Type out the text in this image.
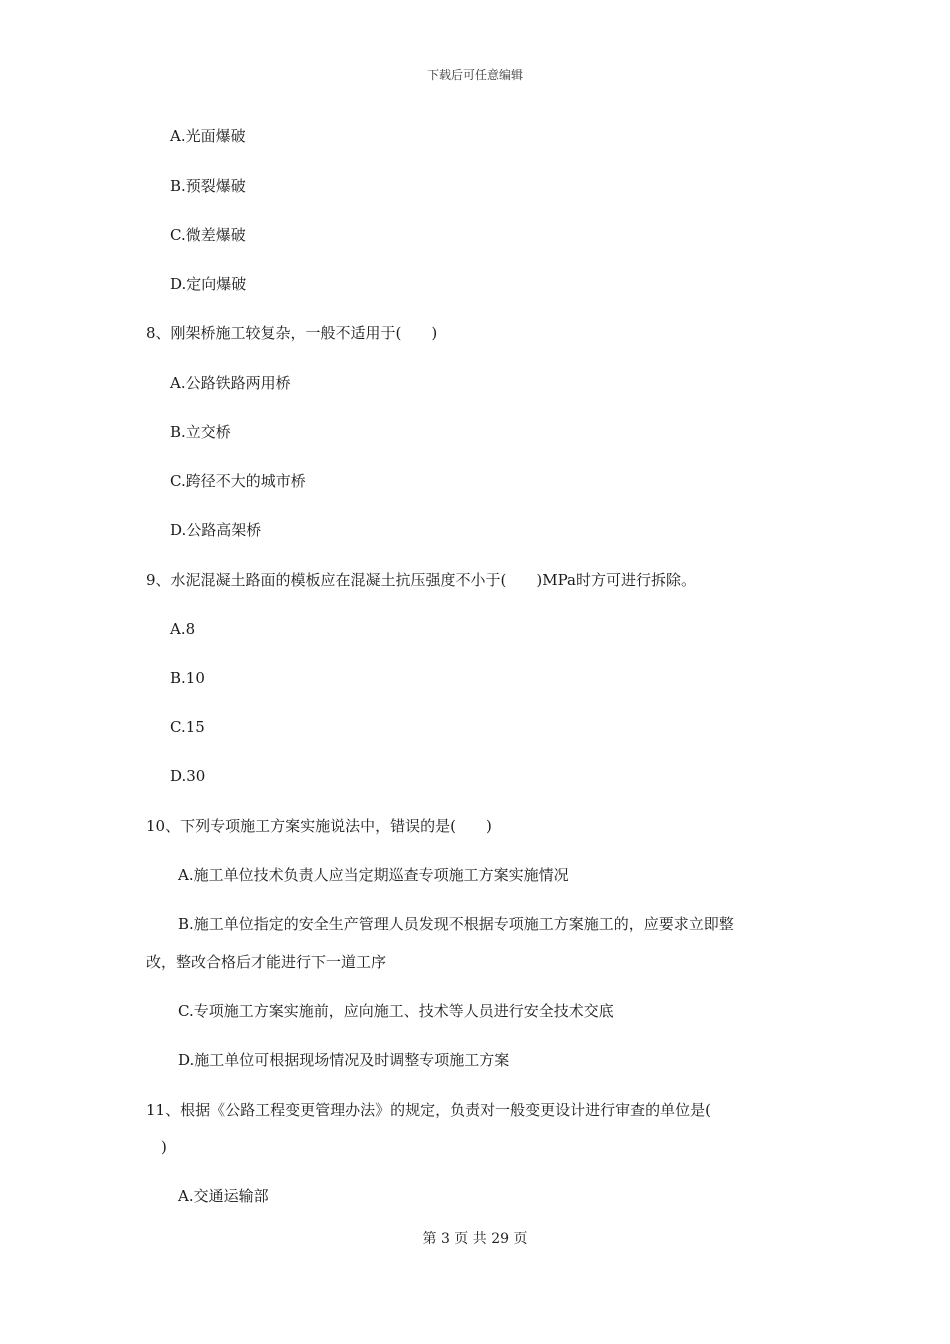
下载后可任意编辑
A.光面爆破
B.预裂爆破
C.微差爆破
D.定向爆破
8、刚架桥施工较复杂，一般不适用于(　　)
A.公路铁路两用桥
B.立交桥
C.跨径不大的城市桥
D.公路高架桥
9、水泥混凝土路面的模板应在混凝土抗压强度不小于(　　)MPa时方可进行拆除。
A.8
B.10
C.15
D.30
10、下列专项施工方案实施说法中，错误的是(　　)
A.施工单位技术负责人应当定期巡查专项施工方案实施情况
B.施工单位指定的安全生产管理人员发现不根据专项施工方案施工的，应要求立即整
改，整改合格后才能进行下一道工序
C.专项施工方案实施前，应向施工、技术等人员进行安全技术交底
D.施工单位可根据现场情况及时调整专项施工方案
11、根据《公路工程变更管理办法》的规定，负责对一般变更设计进行审查的单位是(
　)
A.交通运输部
第 3 页 共 29 页
